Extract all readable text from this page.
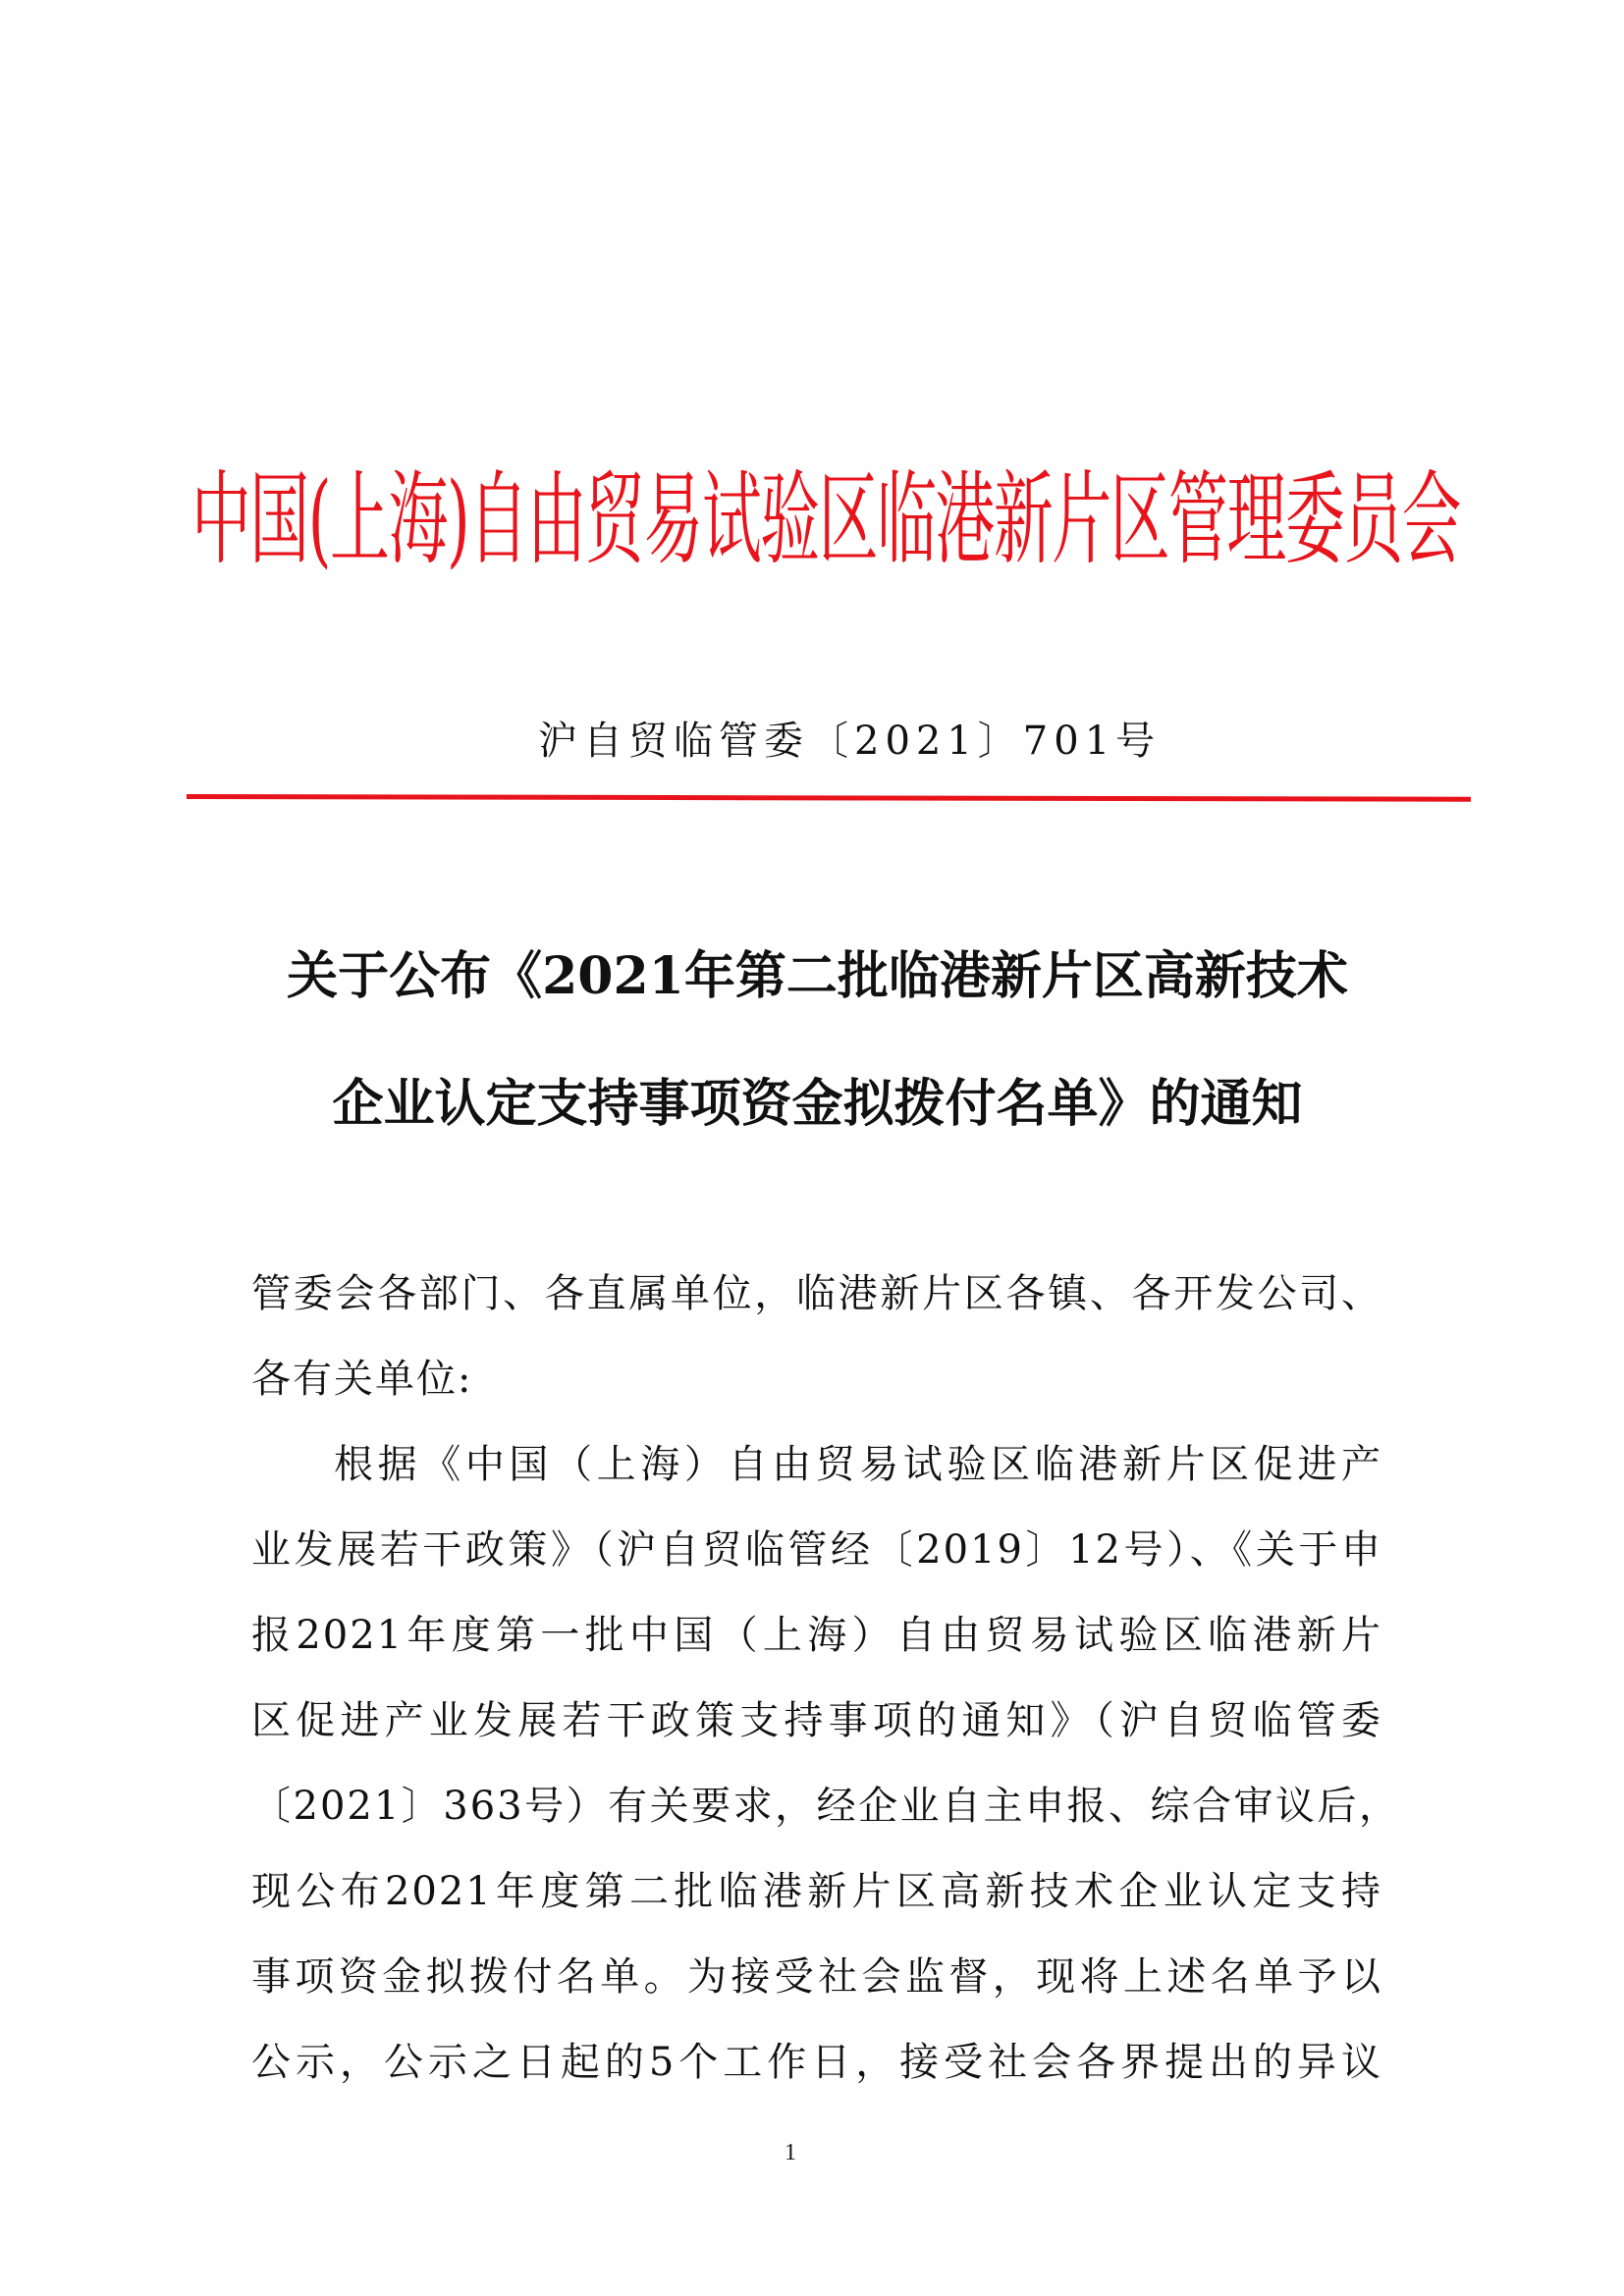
中国(上海)自由贸易试验区临港新片区管理委员会
沪自贸临管委〔2021〕701号
关于公布《2021年第二批临港新片区高新技术
企业认定支持事项资金拟拨付名单》的通知
管委会各部门、各直属单位，临港新片区各镇、各开发公司、
各有关单位:
根据《中国（上海）自由贸易试验区临港新片区促进产
业发展若干政策》（沪自贸临管经〔2019〕12号）、《关于申
报2021年度第一批中国（上海）自由贸易试验区临港新片
区促进产业发展若干政策支持事项的通知》（沪自贸临管委
〔2021〕363号）有关要求，经企业自主申报、综合审议后，
现公布2021年度第二批临港新片区高新技术企业认定支持
事项资金拟拨付名单。为接受社会监督，现将上述名单予以
公示，公示之日起的5个工作日，接受社会各界提出的异议
1
